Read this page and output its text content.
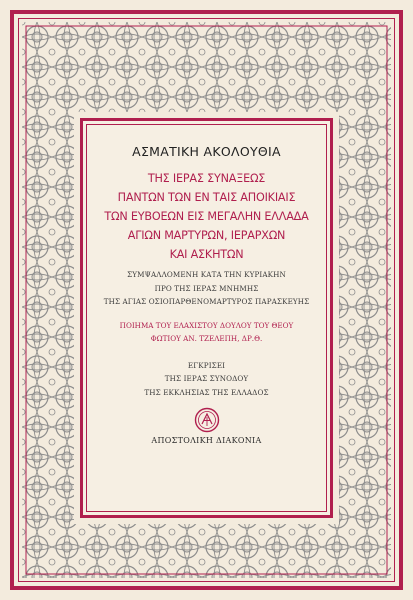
ΑΣΜΑΤΙΚΗ ΑΚΟΛΟΥΘΙΑ
ΤΗΣ ΙΕΡΑΣ ΣΥΝΑΞΕΩΣ
ΠΑΝΤΩΝ ΤΩΝ ΕΝ ΤΑΙΣ ΑΠΟΙΚΙΑΙΣ
ΤΩΝ ΕΥΒΟΕΩΝ ΕΙΣ ΜΕΓΑΛΗΝ ΕΛΛΑΔΑ
ΑΓΙΩΝ ΜΑΡΤΥΡΩΝ, ΙΕΡΑΡΧΩΝ
ΚΑΙ ΑΣΚΗΤΩΝ
ΣΥΜΨΑΛΛΟΜΕΝΗ ΚΑΤΑ ΤΗΝ ΚΥΡΙΑΚΗΝ
ΠΡΟ ΤΗΣ ΙΕΡΑΣ ΜΝΗΜΗΣ
ΤΗΣ ΑΓΙΑΣ ΟΣΙΟΠΑΡΘΕΝΟΜΑΡΤΥΡΟΣ ΠΑΡΑΣΚΕΥΗΣ
ΠΟΙΗΜΑ ΤΟΥ ΕΛΑΧΙΣΤΟΥ ΔΟΥΛΟΥ ΤΟΥ ΘΕΟΥ
ΦΩΤΙΟΥ ΑΝ. ΤΖΕΛΕΠΗ, ΔΡ.Θ.
ΕΓΚΡΙΣΕΙ
ΤΗΣ ΙΕΡΑΣ ΣΥΝΟΔΟΥ
ΤΗΣ ΕΚΚΛΗΣΙΑΣ ΤΗΣ ΕΛΛΑΔΟΣ
ΑΠΟΣΤΟΛΙΚΗ ΔΙΑΚΟΝΙΑ
